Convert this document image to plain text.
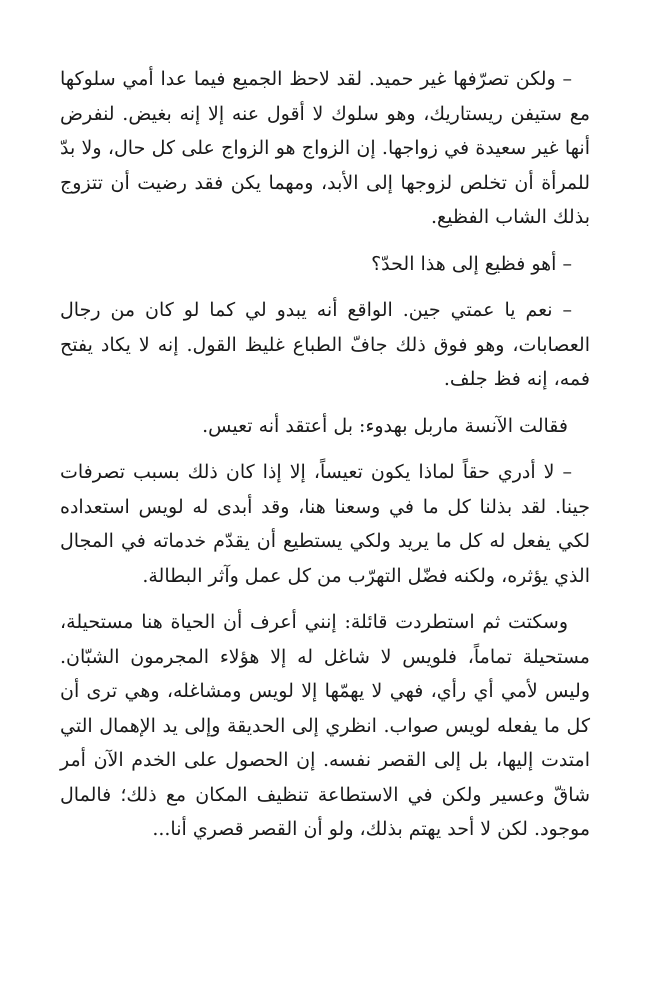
– ولكن تصرّفها غير حميد. لقد لاحظ الجميع فيما عدا أمي سلوكها مع ستيفن ريستاريك، وهو سلوك لا أقول عنه إلا إنه بغيض. لنفرض أنها غير سعيدة في زواجها. إن الزواج هو الزواج على كل حال، ولا بدّ للمرأة أن تخلص لزوجها إلى الأبد، ومهما يكن فقد رضيت أن تتزوج بذلك الشاب الفظيع.

– أهو فظيع إلى هذا الحدّ؟

– نعم يا عمتي جين. الواقع أنه يبدو لي كما لو كان من رجال العصابات، وهو فوق ذلك جافّ الطباع غليظ القول. إنه لا يكاد يفتح فمه، إنه فظ جلف.

فقالت الآنسة ماربل بهدوء: بل أعتقد أنه تعيس.

– لا أدري حقاً لماذا يكون تعيساً، إلا إذا كان ذلك بسبب تصرفات جينا. لقد بذلنا كل ما في وسعنا هنا، وقد أبدى له لويس استعداده لكي يفعل له كل ما يريد ولكي يستطيع أن يقدّم خدماته في المجال الذي يؤثره، ولكنه فضّل التهرّب من كل عمل وآثر البطالة.

وسكتت ثم استطردت قائلة: إنني أعرف أن الحياة هنا مستحيلة، مستحيلة تماماً، فلويس لا شاغل له إلا هؤلاء المجرمون الشبّان. وليس لأمي أي رأي، فهي لا يهمّها إلا لويس ومشاغله، وهي ترى أن كل ما يفعله لويس صواب. انظري إلى الحديقة وإلى يد الإهمال التي امتدت إليها، بل إلى القصر نفسه. إن الحصول على الخدم الآن أمر شاقّ وعسير ولكن في الاستطاعة تنظيف المكان مع ذلك؛ فالمال موجود. لكن لا أحد يهتم بذلك، ولو أن القصر قصري أنا...
